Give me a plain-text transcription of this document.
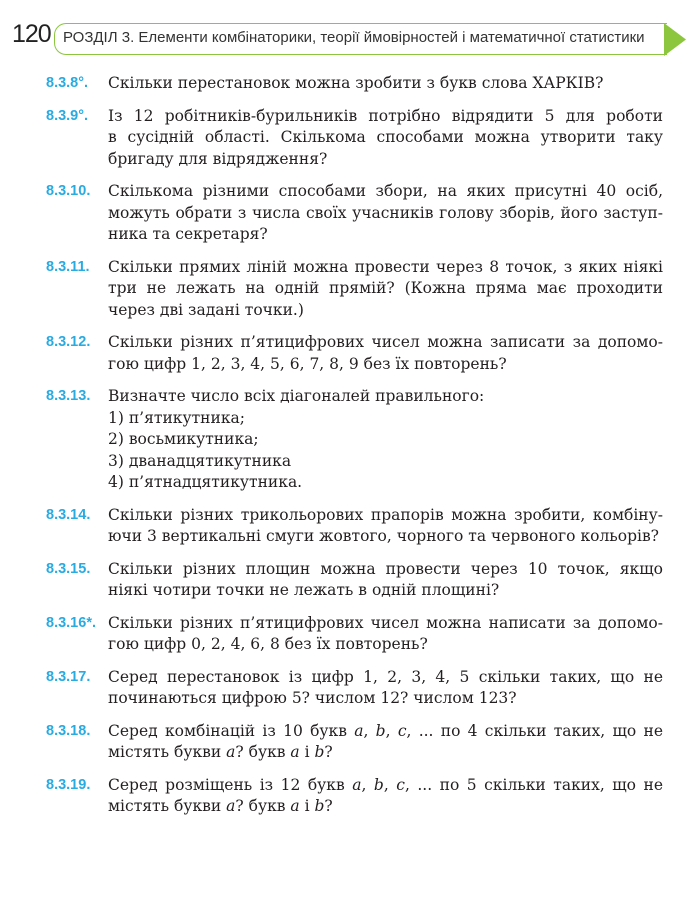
120 РОЗДІЛ 3. Елементи комбінаторики, теорії ймовірностей і математичної статистики
8.3.8°. Скільки перестановок можна зробити з букв слова ХАРКІВ?
8.3.9°. Із 12 робітників-бурильників потрібно відрядити 5 для роботи
в сусідній області. Скількома способами можна утворити таку
бригаду для відрядження?
8.3.10. Скількома різними способами збори, на яких присутні 40 осіб,
можуть обрати з числа своїх учасників голову зборів, його заступ-
ника та секретаря?
8.3.11. Скільки прямих ліній можна провести через 8 точок, з яких ніякі
три не лежать на одній прямій? (Кожна пряма має проходити
через дві задані точки.)
8.3.12. Скільки різних п’ятицифрових чисел можна записати за допомо-
гою цифр 1, 2, 3, 4, 5, 6, 7, 8, 9 без їх повторень?
8.3.13. Визначте число всіх діагоналей правильного:
1) п’ятикутника;
2) восьмикутника;
3) дванадцятикутника
4) п’ятнадцятикутника.
8.3.14. Скільки різних трикольорових прапорів можна зробити, комбіну-
ючи 3 вертикальні смуги жовтого, чорного та червоного кольорів?
8.3.15. Скільки різних площин можна провести через 10 точок, якщо
ніякі чотири точки не лежать в одній площині?
8.3.16*. Скільки різних п’ятицифрових чисел можна написати за допомо-
гою цифр 0, 2, 4, 6, 8 без їх повторень?
8.3.17. Серед перестановок із цифр 1, 2, 3, 4, 5 скільки таких, що не
починаються цифрою 5? числом 12? числом 123?
8.3.18. Серед комбінацій із 10 букв a, b, c, ... по 4 скільки таких, що не
містять букви a? букв a і b?
8.3.19. Серед розміщень із 12 букв a, b, c, ... по 5 скільки таких, що не
містять букви a? букв a і b?
